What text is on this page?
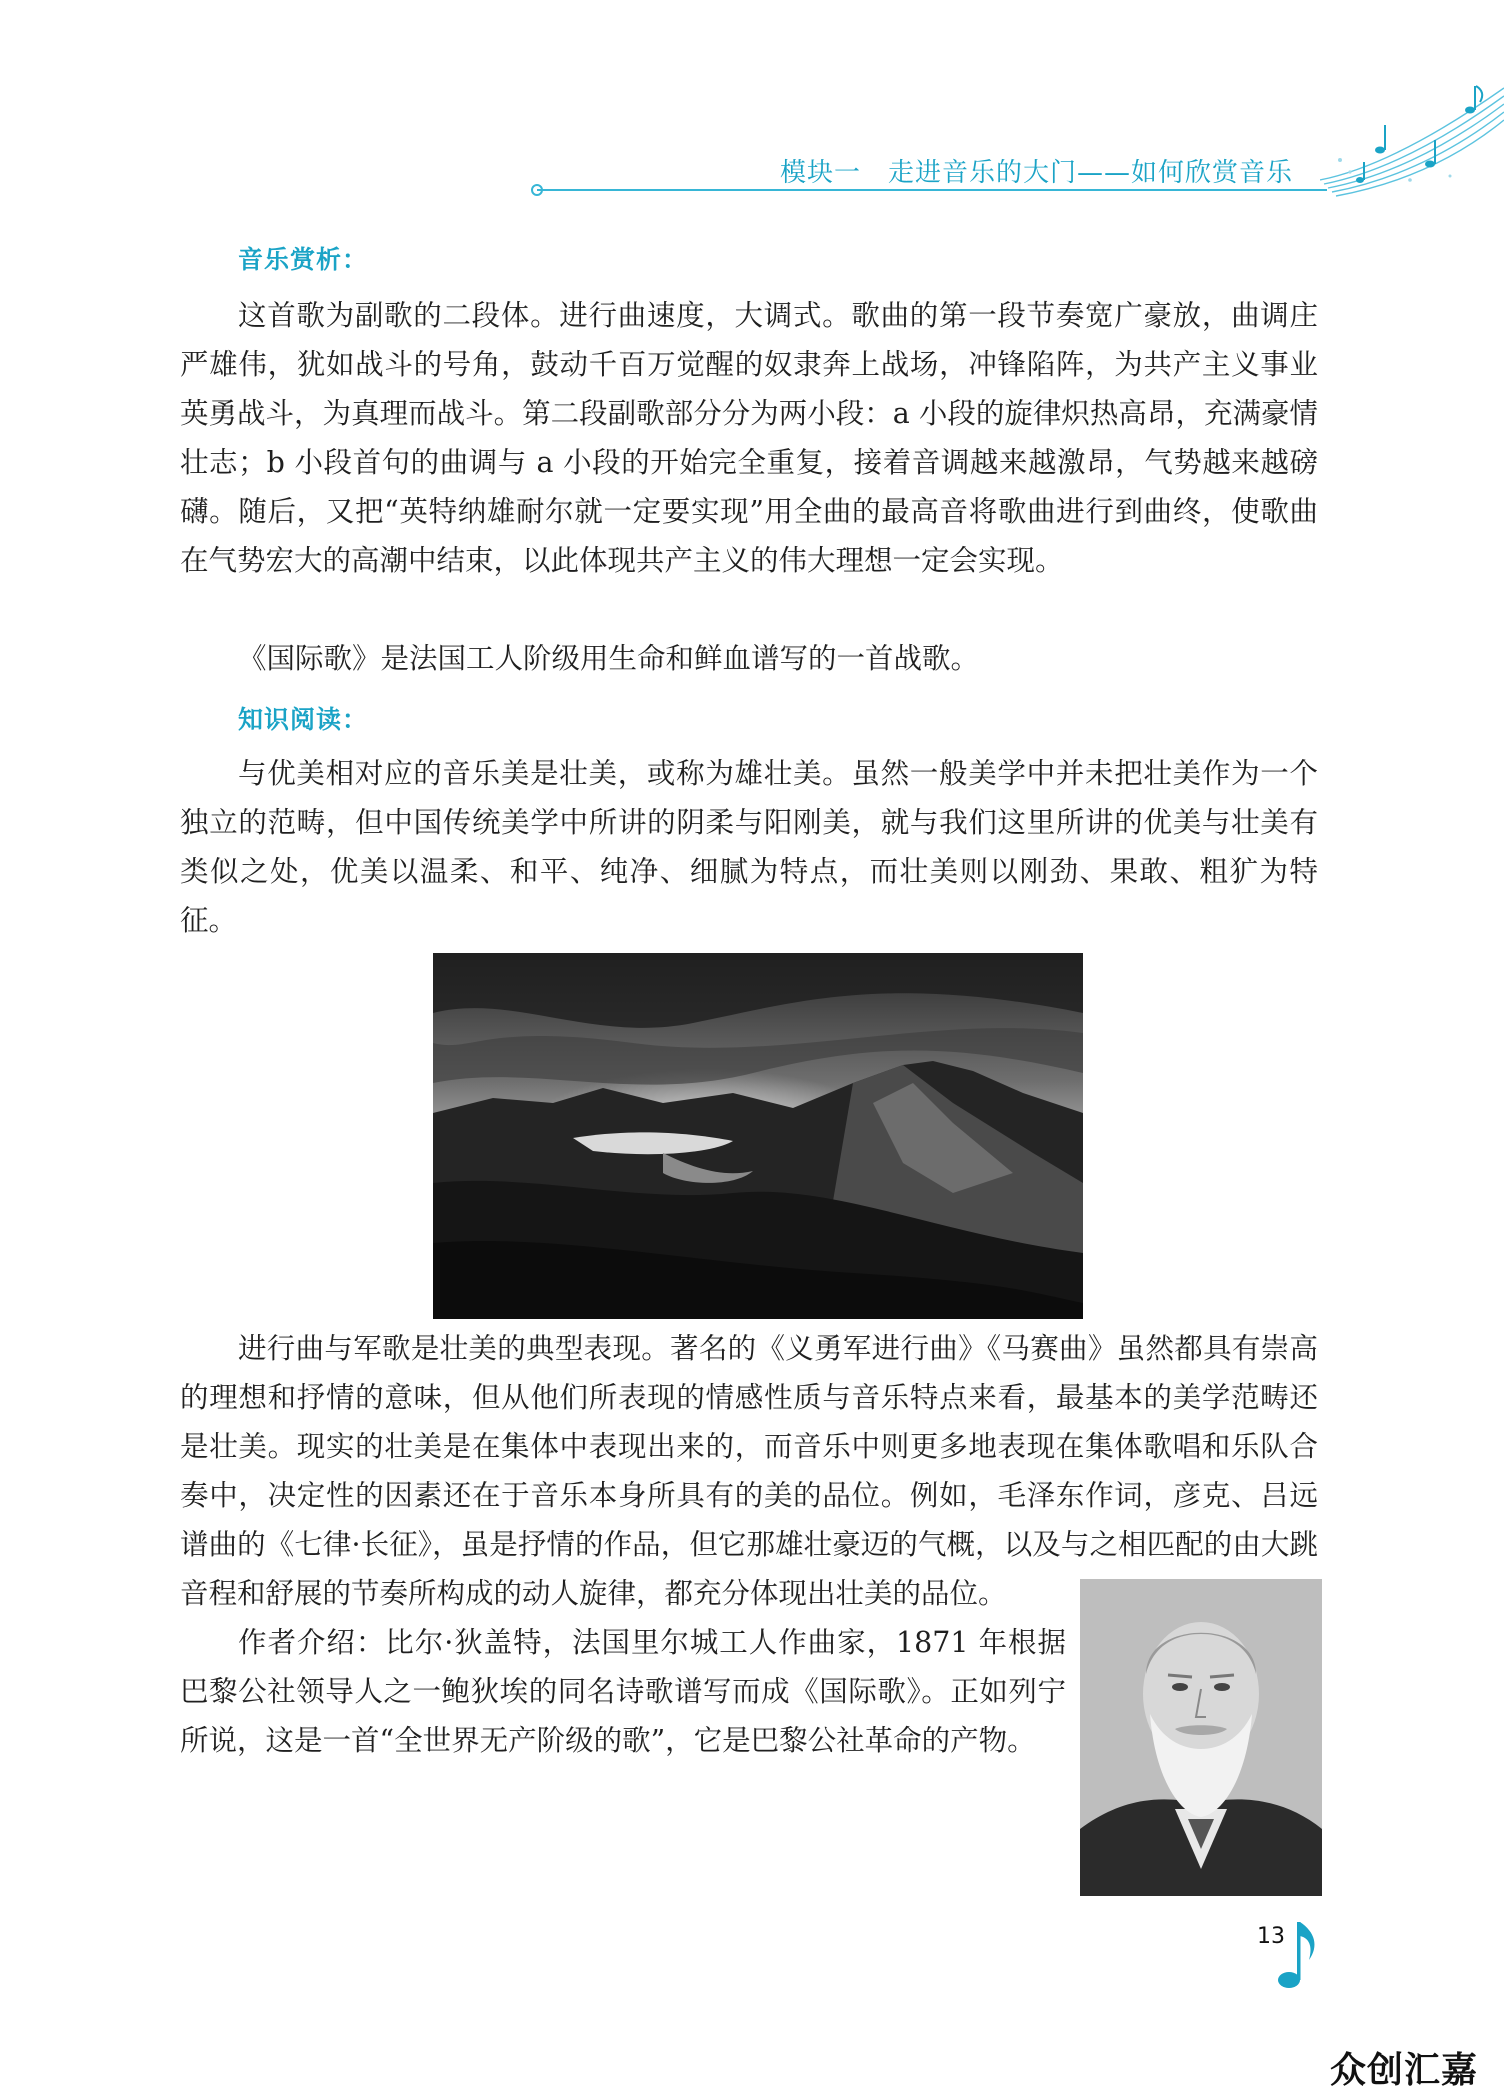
模块一　走进音乐的大门——如何欣赏音乐
音乐赏析：

这首歌为副歌的二段体。进行曲速度，大调式。歌曲的第一段节奏宽广豪放，曲调庄严雄伟，犹如战斗的号角，鼓动千百万觉醒的奴隶奔上战场，冲锋陷阵，为共产主义事业英勇战斗，为真理而战斗。第二段副歌部分分为两小段：a 小段的旋律炽热高昂，充满豪情壮志；b 小段首句的曲调与 a 小段的开始完全重复，接着音调越来越激昂，气势越来越磅礴。随后，又把“英特纳雄耐尔就一定要实现”用全曲的最高音将歌曲进行到曲终，使歌曲在气势宏大的高潮中结束，以此体现共产主义的伟大理想一定会实现。

《国际歌》是法国工人阶级用生命和鲜血谱写的一首战歌。

知识阅读：

与优美相对应的音乐美是壮美，或称为雄壮美。虽然一般美学中并未把壮美作为一个独立的范畴，但中国传统美学中所讲的阴柔与阳刚美，就与我们这里所讲的优美与壮美有类似之处，优美以温柔、和平、纯净、细腻为特点，而壮美则以刚劲、果敢、粗犷为特征。

进行曲与军歌是壮美的典型表现。著名的《义勇军进行曲》《马赛曲》虽然都具有崇高的理想和抒情的意味，但从他们所表现的情感性质与音乐特点来看，最基本的美学范畴还是壮美。现实的壮美是在集体中表现出来的，而音乐中则更多地表现在集体歌唱和乐队合奏中，决定性的因素还在于音乐本身所具有的美的品位。例如，毛泽东作词，彦克、吕远谱曲的《七律·长征》，虽是抒情的作品，但它那雄壮豪迈的气概，以及与之相匹配的由大跳音程和舒展的节奏所构成的动人旋律，都充分体现出壮美的品位。

作者介绍：比尔·狄盖特，法国里尔城工人作曲家，1871 年根据巴黎公社领导人之一鲍狄埃的同名诗歌谱写而成《国际歌》。正如列宁所说，这是一首“全世界无产阶级的歌”，它是巴黎公社革命的产物。

13
众创汇嘉
